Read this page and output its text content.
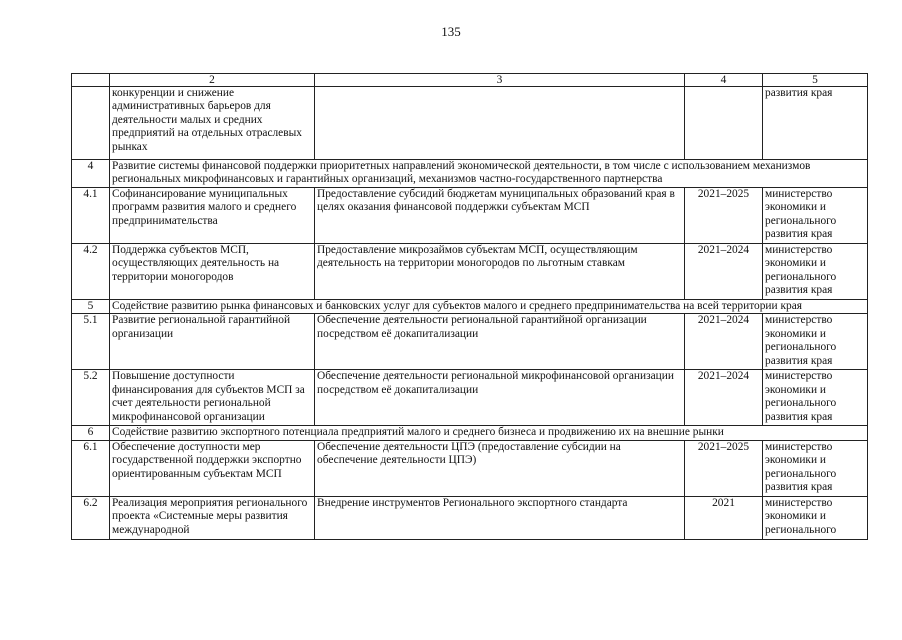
135
	2	3	4	5
	конкуренции и снижение административных барьеров для деятельности малых и средних предприятий на отдельных отраслевых рынках			развития края
4	Развитие системы финансовой поддержки приоритетных направлений экономической деятельности, в том числе с использованием механизмов региональных микрофинансовых и гарантийных организаций, механизмов частно-государственного партнерства			
4.1	Софинансирование муниципальных программ развития малого и среднего предпринимательства	Предоставление субсидий бюджетам муниципальных образований края в целях оказания финансовой поддержки субъектам МСП	2021–2025	министерство экономики и регионального развития края
4.2	Поддержка субъектов МСП, осуществляющих деятельность на территории моногородов	Предоставление микрозаймов субъектам МСП, осуществляющим деятельность на территории моногородов по льготным ставкам	2021–2024	министерство экономики и регионального развития края
5	Содействие развитию рынка финансовых и банковских услуг для субъектов малого и среднего предпринимательства на всей территории края			
5.1	Развитие региональной гарантийной организации	Обеспечение деятельности региональной гарантийной организации посредством её докапитализации	2021–2024	министерство экономики и регионального развития края
5.2	Повышение доступности финансирования для субъектов МСП за счет деятельности региональной микрофинансовой организации	Обеспечение деятельности региональной микрофинансовой организации посредством её докапитализации	2021–2024	министерство экономики и регионального развития края
6	Содействие развитию экспортного потенциала предприятий малого и среднего бизнеса и продвижению их на внешние рынки			
6.1	Обеспечение доступности мер государственной поддержки экспортно ориентированным субъектам МСП	Обеспечение деятельности ЦПЭ (предоставление субсидии на обеспечение деятельности ЦПЭ)	2021–2025	министерство экономики и регионального развития края
6.2	Реализация мероприятия регионального проекта «Системные меры развития международной	Внедрение инструментов Регионального экспортного стандарта	2021	министерство экономики и регионального
